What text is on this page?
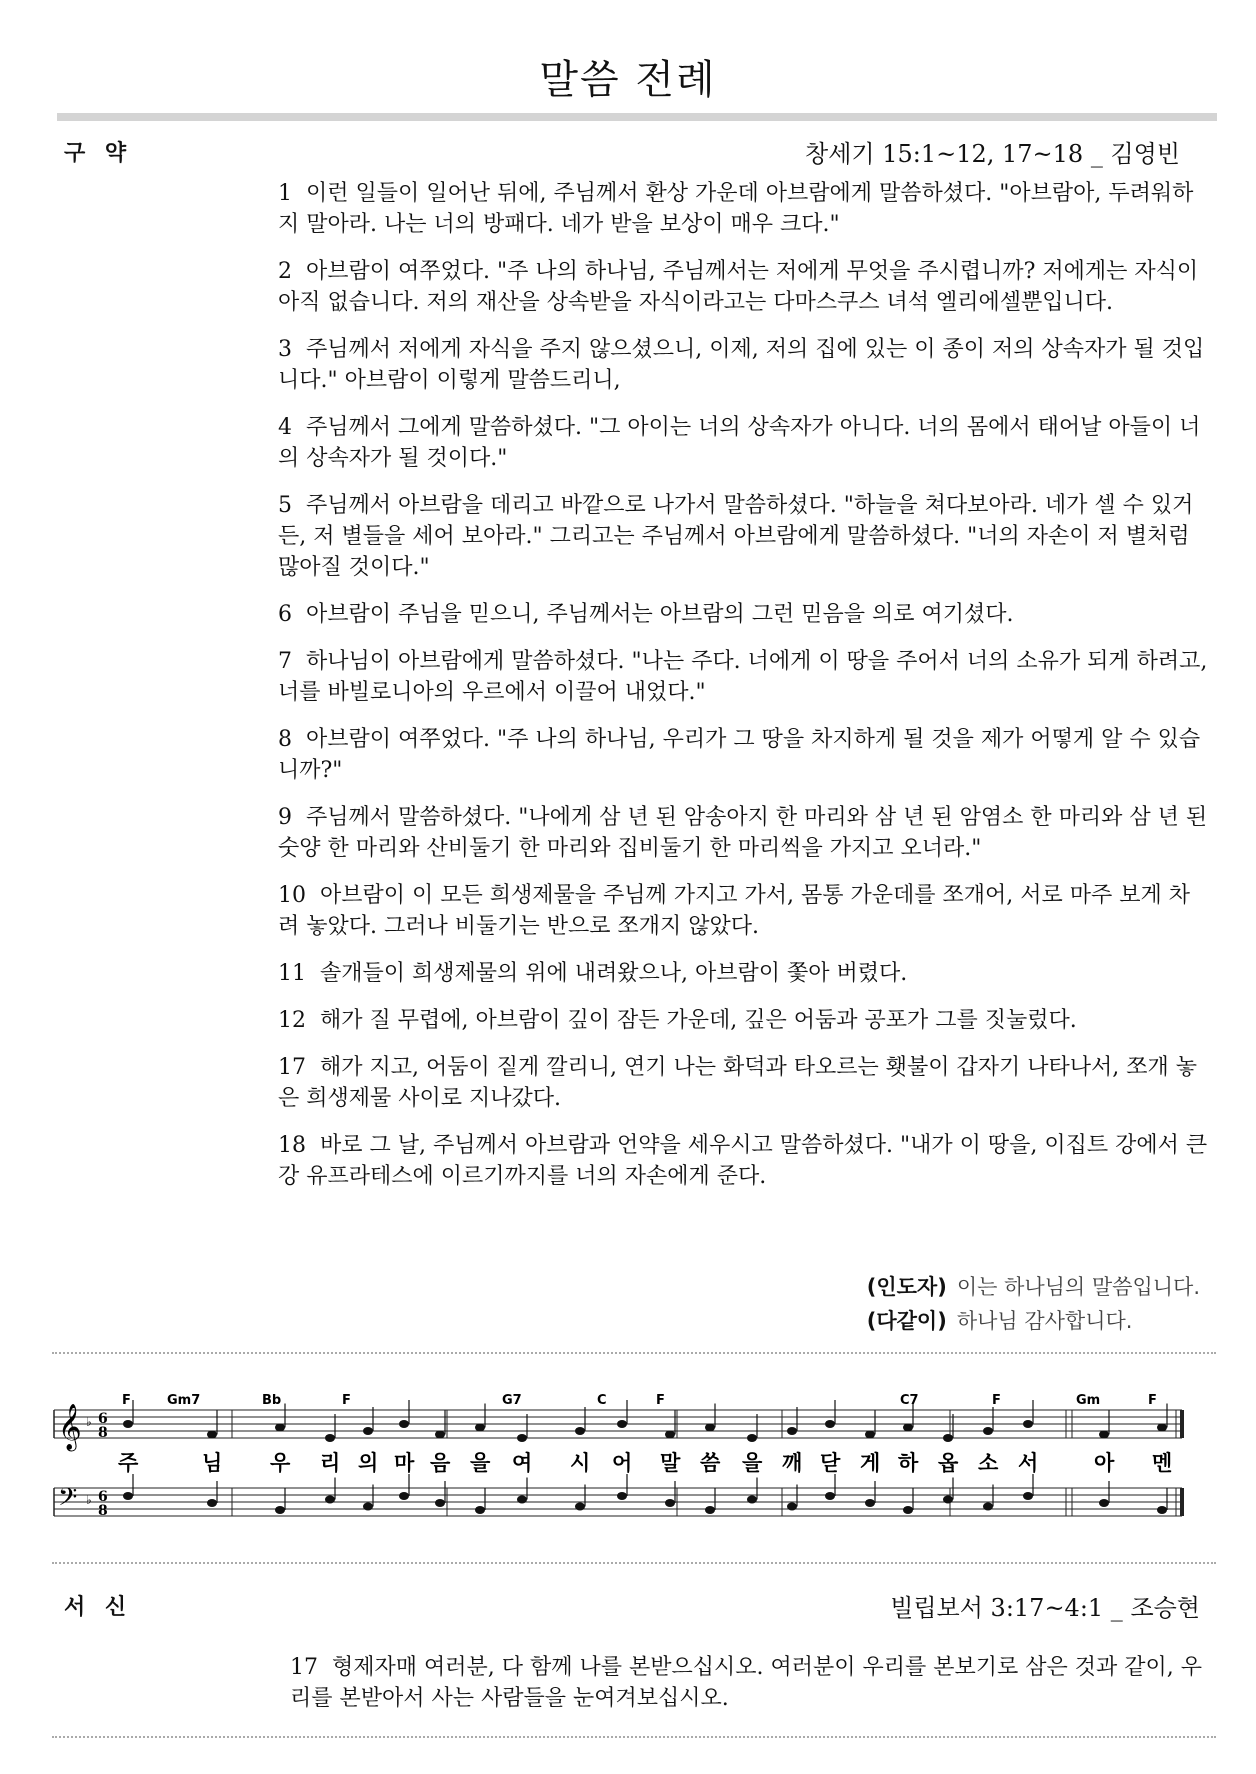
말씀 전례
구 약	창세기 15:1~12, 17~18 _ 김영빈
1 이런 일들이 일어난 뒤에, 주님께서 환상 가운데 아브람에게 말씀하셨다. "아브람아, 두려워하지 말아라. 나는 너의 방패다. 네가 받을 보상이 매우 크다."
2 아브람이 여쭈었다. "주 나의 하나님, 주님께서는 저에게 무엇을 주시렵니까? 저에게는 자식이 아직 없습니다. 저의 재산을 상속받을 자식이라고는 다마스쿠스 녀석 엘리에셀뿐입니다.
3 주님께서 저에게 자식을 주지 않으셨으니, 이제, 저의 집에 있는 이 종이 저의 상속자가 될 것입니다." 아브람이 이렇게 말씀드리니,
4 주님께서 그에게 말씀하셨다. "그 아이는 너의 상속자가 아니다. 너의 몸에서 태어날 아들이 너의 상속자가 될 것이다."
5 주님께서 아브람을 데리고 바깥으로 나가서 말씀하셨다. "하늘을 쳐다보아라. 네가 셀 수 있거든, 저 별들을 세어 보아라." 그리고는 주님께서 아브람에게 말씀하셨다. "너의 자손이 저 별처럼 많아질 것이다."
6 아브람이 주님을 믿으니, 주님께서는 아브람의 그런 믿음을 의로 여기셨다.
7 하나님이 아브람에게 말씀하셨다. "나는 주다. 너에게 이 땅을 주어서 너의 소유가 되게 하려고, 너를 바빌로니아의 우르에서 이끌어 내었다."
8 아브람이 여쭈었다. "주 나의 하나님, 우리가 그 땅을 차지하게 될 것을 제가 어떻게 알 수 있습니까?"
9 주님께서 말씀하셨다. "나에게 삼 년 된 암송아지 한 마리와 삼 년 된 암염소 한 마리와 삼 년 된 숫양 한 마리와 산비둘기 한 마리와 집비둘기 한 마리씩을 가지고 오너라."
10 아브람이 이 모든 희생제물을 주님께 가지고 가서, 몸통 가운데를 쪼개어, 서로 마주 보게 차려 놓았다. 그러나 비둘기는 반으로 쪼개지 않았다.
11 솔개들이 희생제물의 위에 내려왔으나, 아브람이 쫓아 버렸다.
12 해가 질 무렵에, 아브람이 깊이 잠든 가운데, 깊은 어둠과 공포가 그를 짓눌렀다.
17 해가 지고, 어둠이 짙게 깔리니, 연기 나는 화덕과 타오르는 횃불이 갑자기 나타나서, 쪼개 놓은 희생제물 사이로 지나갔다.
18 바로 그 날, 주님께서 아브람과 언약을 세우시고 말씀하셨다. "내가 이 땅을, 이집트 강에서 큰 강 유프라테스에 이르기까지를 너의 자손에게 준다.
(인도자) 이는 하나님의 말씀입니다.
(다같이) 하나님 감사합니다.
𝄞 ♭ 6
8
𝄢 ♭ 6
8
F	Gm7	Bb	F	G7	C	F	C7	F	Gm	F
주	님 우 리 의 마 음 을 여 시 어 말 씀 을 깨 닫 게 하 옵 소 서	아 멘
서 신	빌립보서 3:17~4:1 _ 조승현
17 형제자매 여러분, 다 함께 나를 본받으십시오. 여러분이 우리를 본보기로 삼은 것과 같이, 우리를 본받아서 사는 사람들을 눈여겨보십시오.
